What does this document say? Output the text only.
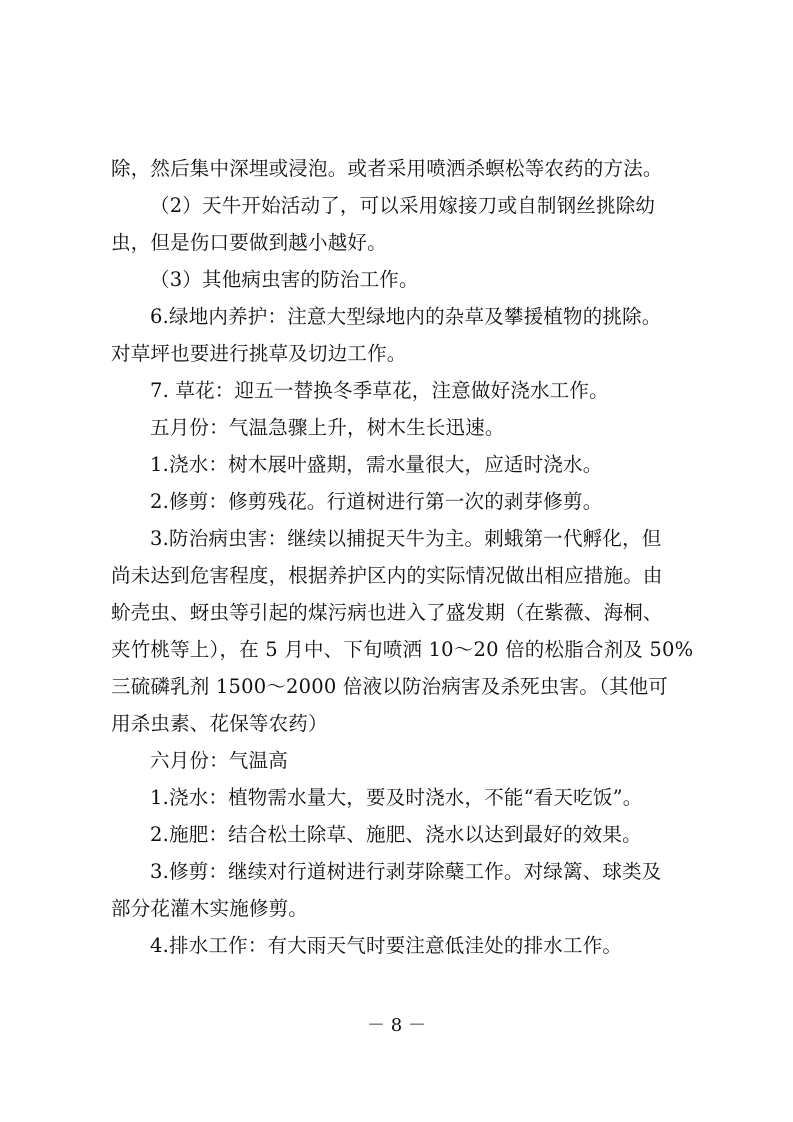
除，然后集中深埋或浸泡。或者采用喷洒杀螟松等农药的方法。
（2）天牛开始活动了，可以采用嫁接刀或自制钢丝挑除幼
虫，但是伤口要做到越小越好。
（3）其他病虫害的防治工作。
6.绿地内养护：注意大型绿地内的杂草及攀援植物的挑除。
对草坪也要进行挑草及切边工作。
7. 草花：迎五一替换冬季草花，注意做好浇水工作。
五月份：气温急骤上升，树木生长迅速。
1.浇水：树木展叶盛期，需水量很大，应适时浇水。
2.修剪：修剪残花。行道树进行第一次的剥芽修剪。
3.防治病虫害：继续以捕捉天牛为主。刺蛾第一代孵化，但
尚未达到危害程度，根据养护区内的实际情况做出相应措施。由
蚧壳虫、蚜虫等引起的煤污病也进入了盛发期（在紫薇、海桐、
夹竹桃等上），在 5 月中、下旬喷洒 10～20 倍的松脂合剂及 50%
三硫磷乳剂 1500～2000 倍液以防治病害及杀死虫害。（其他可
用杀虫素、花保等农药）
六月份：气温高
1.浇水：植物需水量大，要及时浇水，不能“看天吃饭”。
2.施肥：结合松土除草、施肥、浇水以达到最好的效果。
3.修剪：继续对行道树进行剥芽除蘖工作。对绿篱、球类及
部分花灌木实施修剪。
4.排水工作：有大雨天气时要注意低洼处的排水工作。
－ 8 －
